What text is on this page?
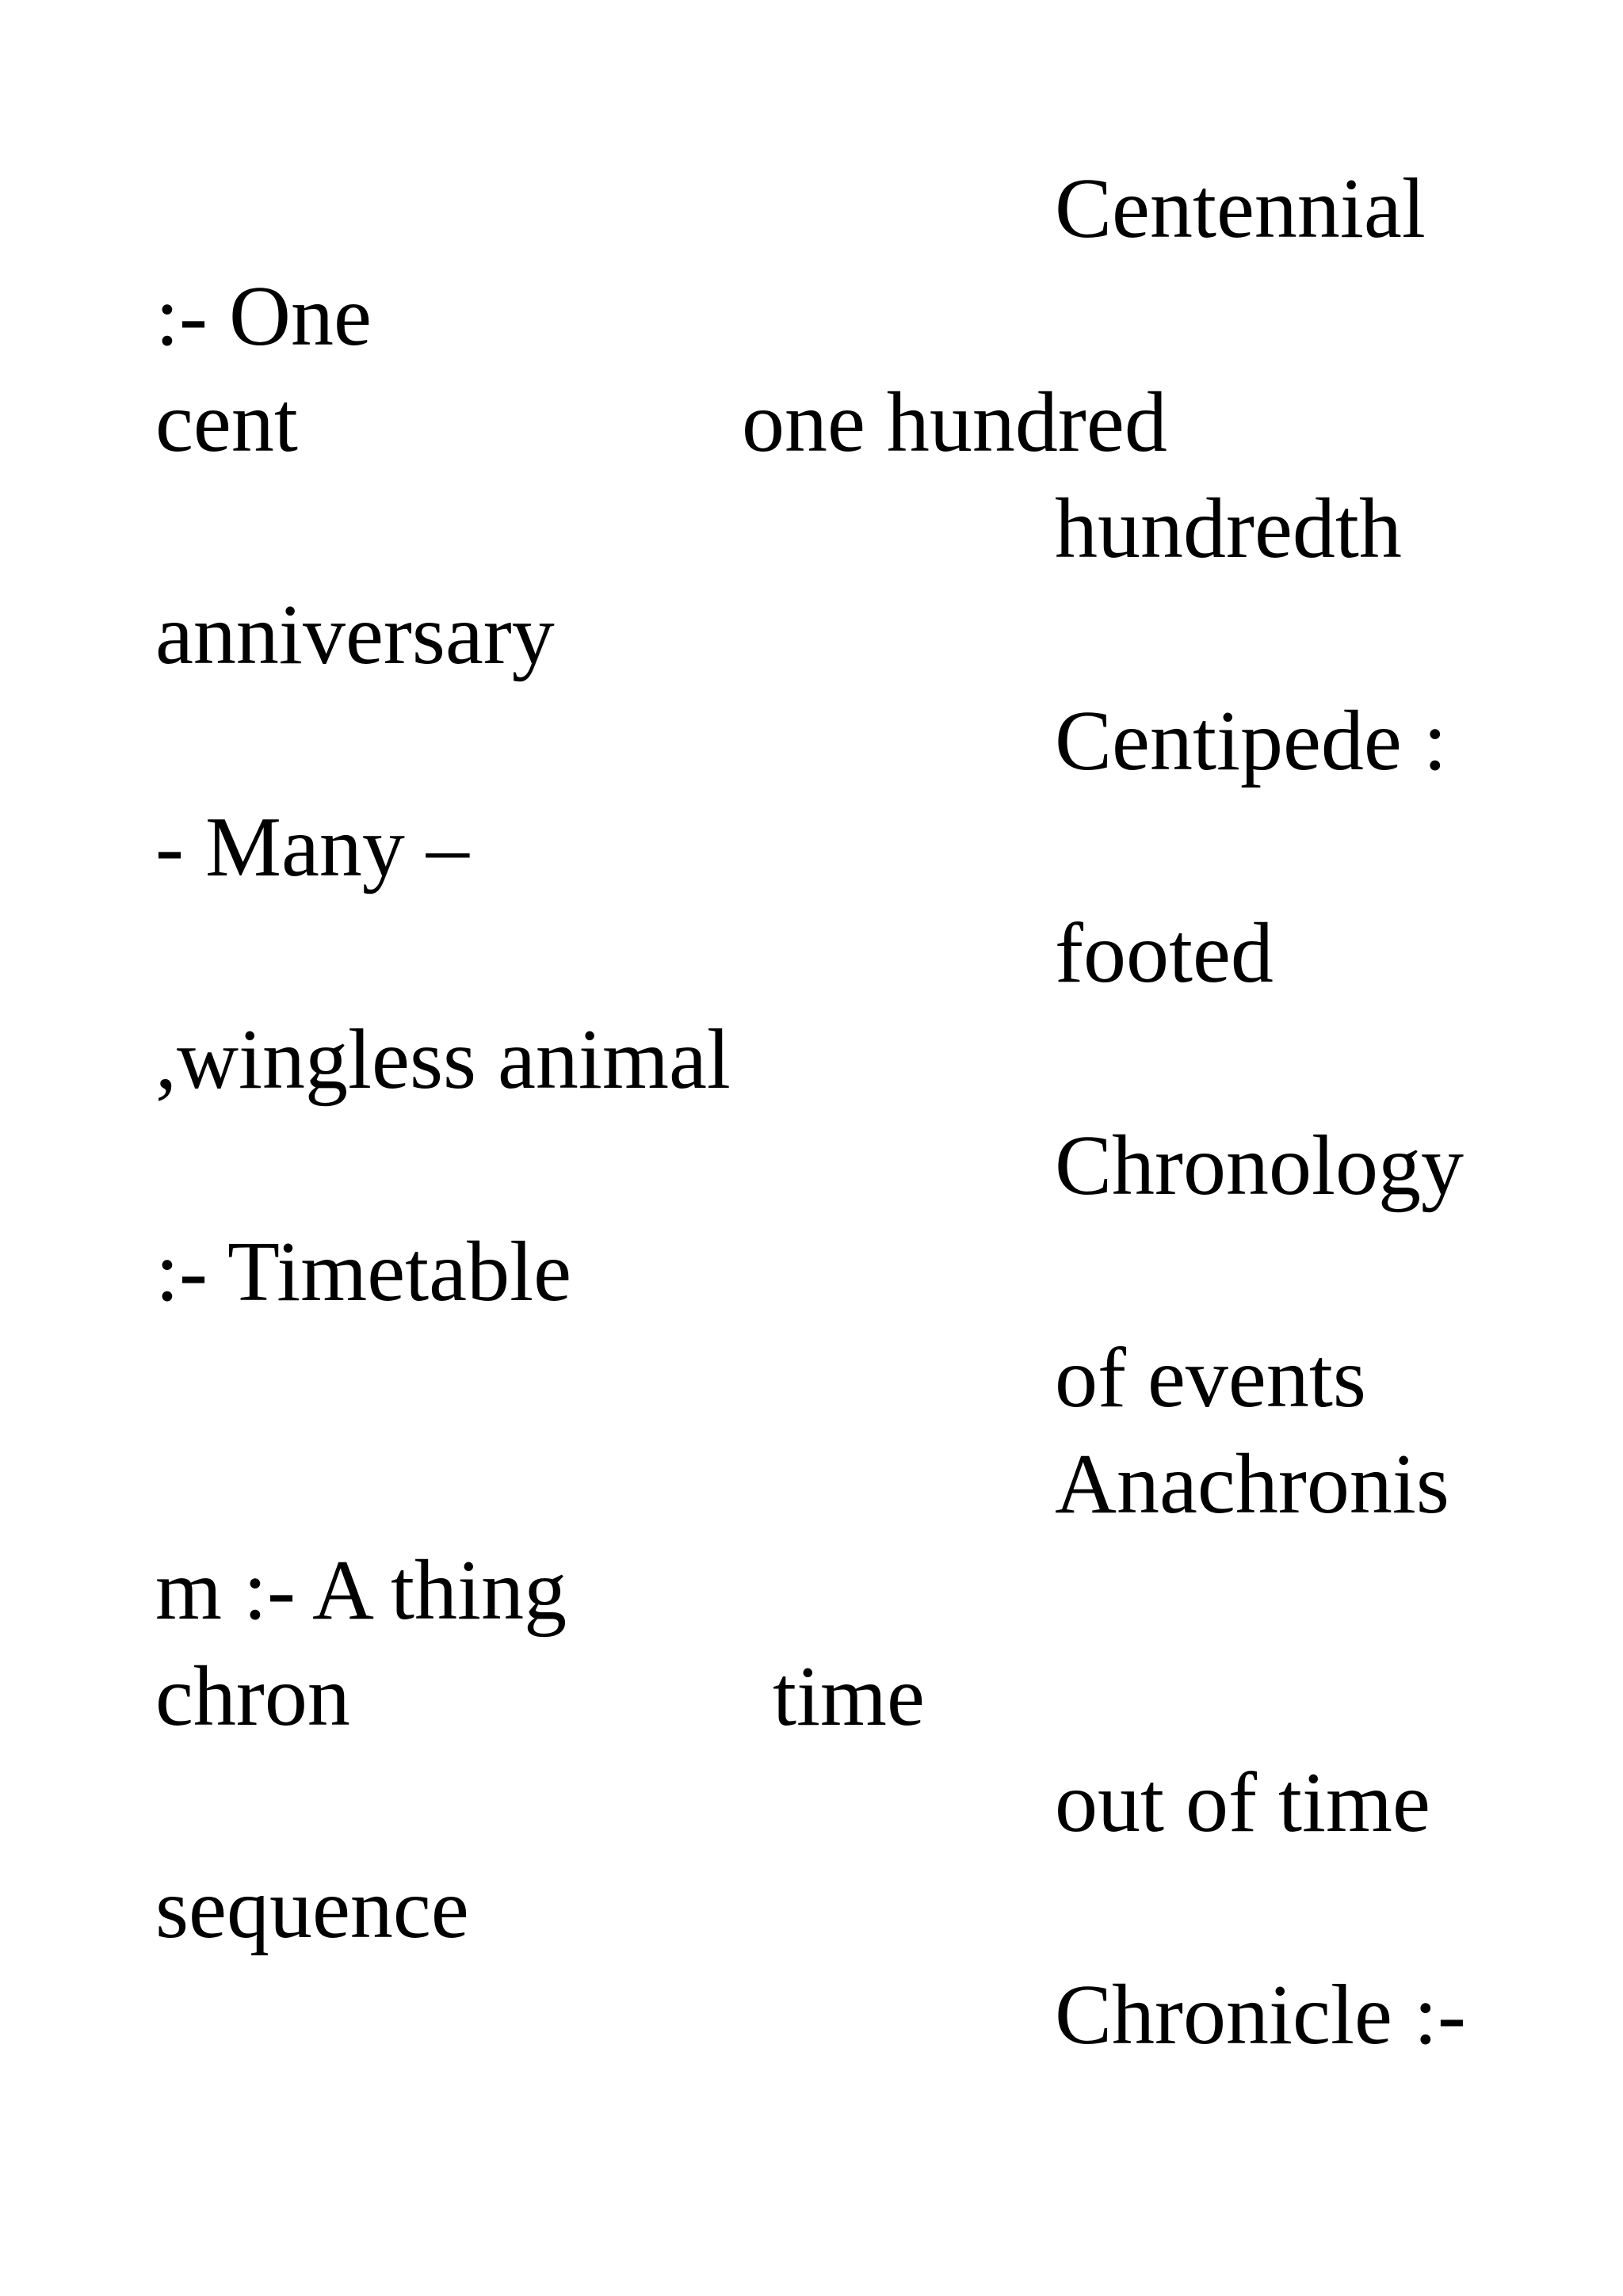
Centennial
:- One
cent	one hundred
hundredth
anniversary
Centipede :
- Many –
footed
,wingless animal
Chronology
:- Timetable
of events
Anachronis
m :- A thing
chron	time
out of time
sequence
Chronicle :-
